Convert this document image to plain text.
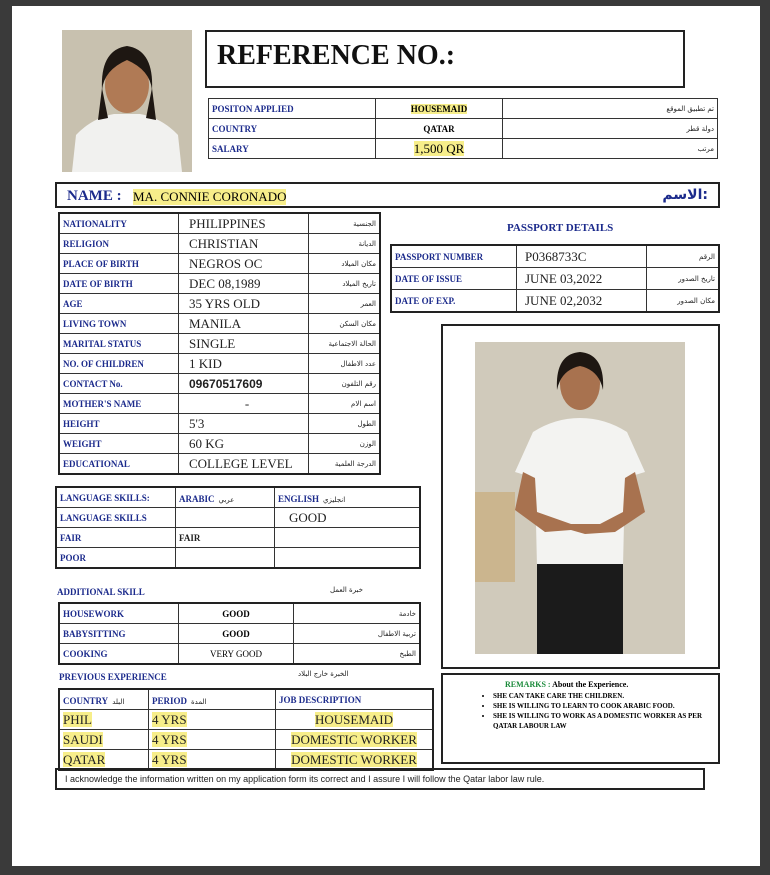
REFERENCE NO.:
POSITON APPLIED	HOUSEMAID	تم تطبيق الموقع
COUNTRY	QATAR	دولة قطر
SALARY	1,500 QR	مرتب
NAME : MA. CONNIE CORONADO	الاسم:
NATIONALITY	PHILIPPINES	الجنسية
RELIGION	CHRISTIAN	الديانة
PLACE OF BIRTH	NEGROS OC	مكان الميلاد
DATE OF BIRTH	DEC 08,1989	تاريخ الميلاد
AGE	35 YRS OLD	العمر
LIVING TOWN	MANILA	مكان السكن
MARITAL STATUS	SINGLE	الحالة الاجتماعية
NO. OF CHILDREN	1 KID	عدد الاطفال
CONTACT No.	09670517609	رقم التلفون
MOTHER'S NAME	-	اسم الام
HEIGHT	5'3	الطول
WEIGHT	60 KG	الوزن
EDUCATIONAL	COLLEGE LEVEL	الدرجة العلمية
PASSPORT DETAILS
PASSPORT NUMBER	P0368733C	الرقم
DATE OF ISSUE	JUNE 03,2022	تاريخ الصدور
DATE OF EXP.	JUNE 02,2032	مكان الصدور
LANGUAGE SKILLS:	ARABIC عربي	ENGLISH انجليزي
LANGUAGE SKILLS		GOOD
FAIR	FAIR	
POOR		
ADDITIONAL SKILL	خبرة العمل
HOUSEWORK	GOOD	خادمة
BABYSITTING	GOOD	تربية الاطفال
COOKING	VERY GOOD	الطبخ
PREVIOUS EXPERIENCE	الخبرة خارج البلاد
COUNTRY البلد	PERIOD المدة	JOB DESCRIPTION
PHIL	4 YRS	HOUSEMAID
SAUDI	4 YRS	DOMESTIC WORKER
QATAR	4 YRS	DOMESTIC WORKER
REMARKS : About the Experience.
• SHE CAN TAKE CARE THE CHILDREN.
• SHE IS WILLING TO LEARN TO COOK ARABIC FOOD.
• SHE IS WILLING TO WORK AS A DOMESTIC WORKER AS PER QATAR LABOUR LAW
I acknowledge the information written on my application form its correct and I assure I will follow the Qatar labor law rule.
